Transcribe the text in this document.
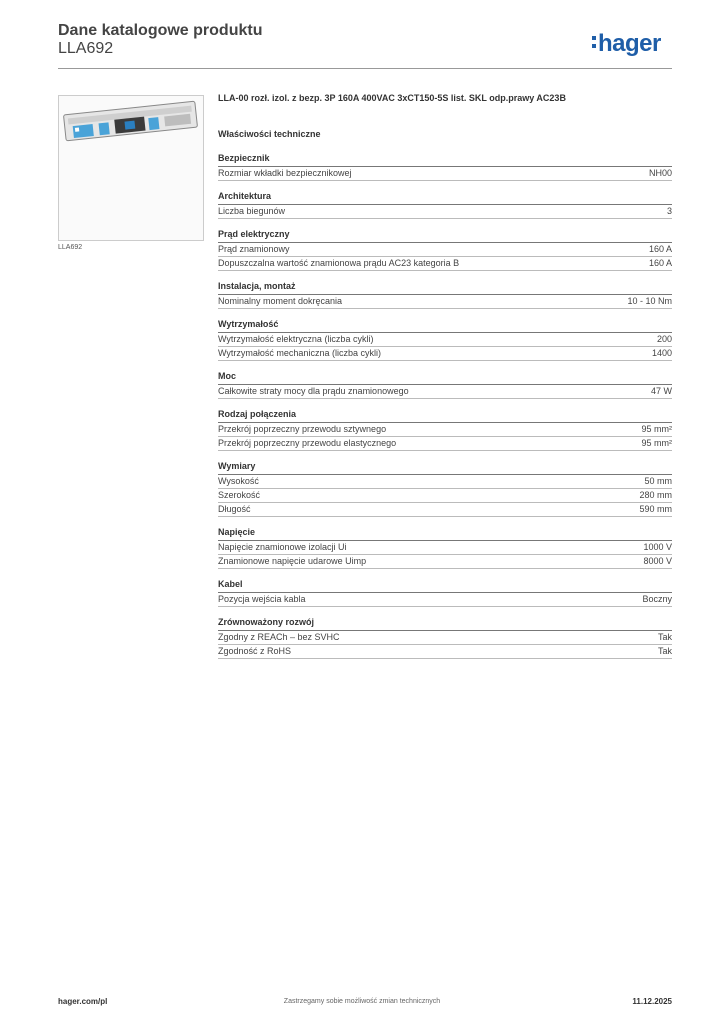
Dane katalogowe produktu
LLA692	hager
LLA692
LLA-00 rozł. izol. z bezp. 3P 160A 400VAC 3xCT150-5S list. SKL odp.prawy AC23B
Właściwości techniczne
Bezpiecznik
Rozmiar wkładki bezpiecznikowej	NH00
Architektura
Liczba biegunów	3
Prąd elektryczny
Prąd znamionowy	160 A
Dopuszczalna wartość znamionowa prądu AC23 kategoria B	160 A
Instalacja, montaż
Nominalny moment dokręcania	10 - 10 Nm
Wytrzymałość
Wytrzymałość elektryczna (liczba cykli)	200
Wytrzymałość mechaniczna (liczba cykli)	1400
Moc
Całkowite straty mocy dla prądu znamionowego	47 W
Rodzaj połączenia
Przekrój poprzeczny przewodu sztywnego	95 mm²
Przekrój poprzeczny przewodu elastycznego	95 mm²
Wymiary
Wysokość	50 mm
Szerokość	280 mm
Długość	590 mm
Napięcie
Napięcie znamionowe izolacji Ui	1000 V
Znamionowe napięcie udarowe Uimp	8000 V
Kabel
Pozycja wejścia kabla	Boczny
Zrównoważony rozwój
Zgodny z REACh – bez SVHC	Tak
Zgodność z RoHS	Tak
hager.com/pl	Zastrzegamy sobie możliwość zmian technicznych	11.12.2025
